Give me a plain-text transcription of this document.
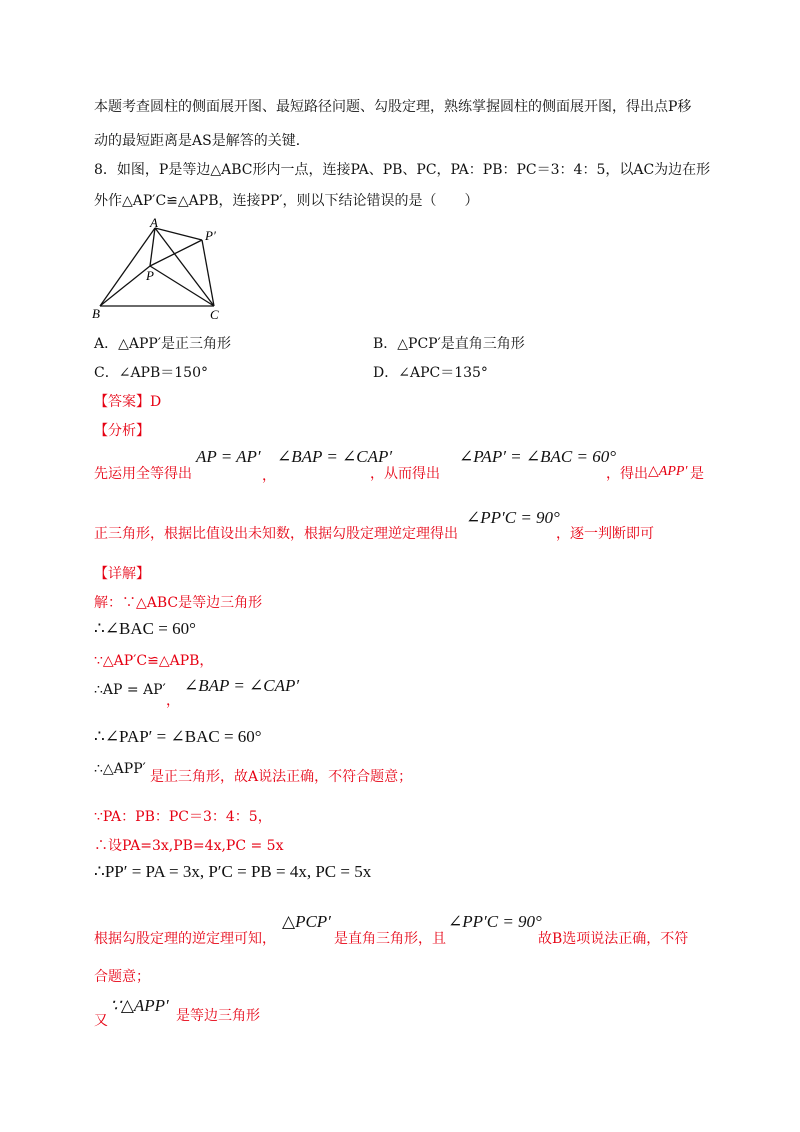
本题考查圆柱的侧面展开图、最短路径问题、勾股定理，熟练掌握圆柱的侧面展开图，得出点P移
动的最短距离是AS是解答的关键．
8．如图，P是等边△ABC形内一点，连接PA、PB、PC，PA：PB：PC＝3：4：5，以AC为边在形
外作△AP′C≌△APB，连接PP′，则以下结论错误的是（　　）
A
B	C
P
P′
A．△APP′是正三角形	B．△PCP′是直角三角形
C．∠APB＝150°	D．∠APC＝135°
【答案】D
【分析】
先运用全等得出
AP = AP′
，
∠BAP = ∠CAP′
，从而得出
∠PAP′ = ∠BAC = 60°
，得出 △APP′ 是
正三角形，根据比值设出未知数，根据勾股定理逆定理得出
∠PP′C = 90°
，逐一判断即可
【详解】
解：∵△ABC是等边三角形
∴∠BAC = 60°
∵△AP′C≌△APB，
∴AP = AP′
，
∠BAP = ∠CAP′
∴∠PAP′ = ∠BAC = 60°
∴△APP′ 是正三角形，故A说法正确，不符合题意；
∵PA：PB：PC＝3：4：5，
∴设PA=3x,PB=4x,PC = 5x
∴PP′ = PA = 3x, P′C = PB = 4x, PC = 5x
根据勾股定理的逆定理可知，
△PCP′
是直角三角形，且
∠PP′C = 90°
故B选项说法正确，不符
合题意；
又
∵△APP′
是等边三角形
